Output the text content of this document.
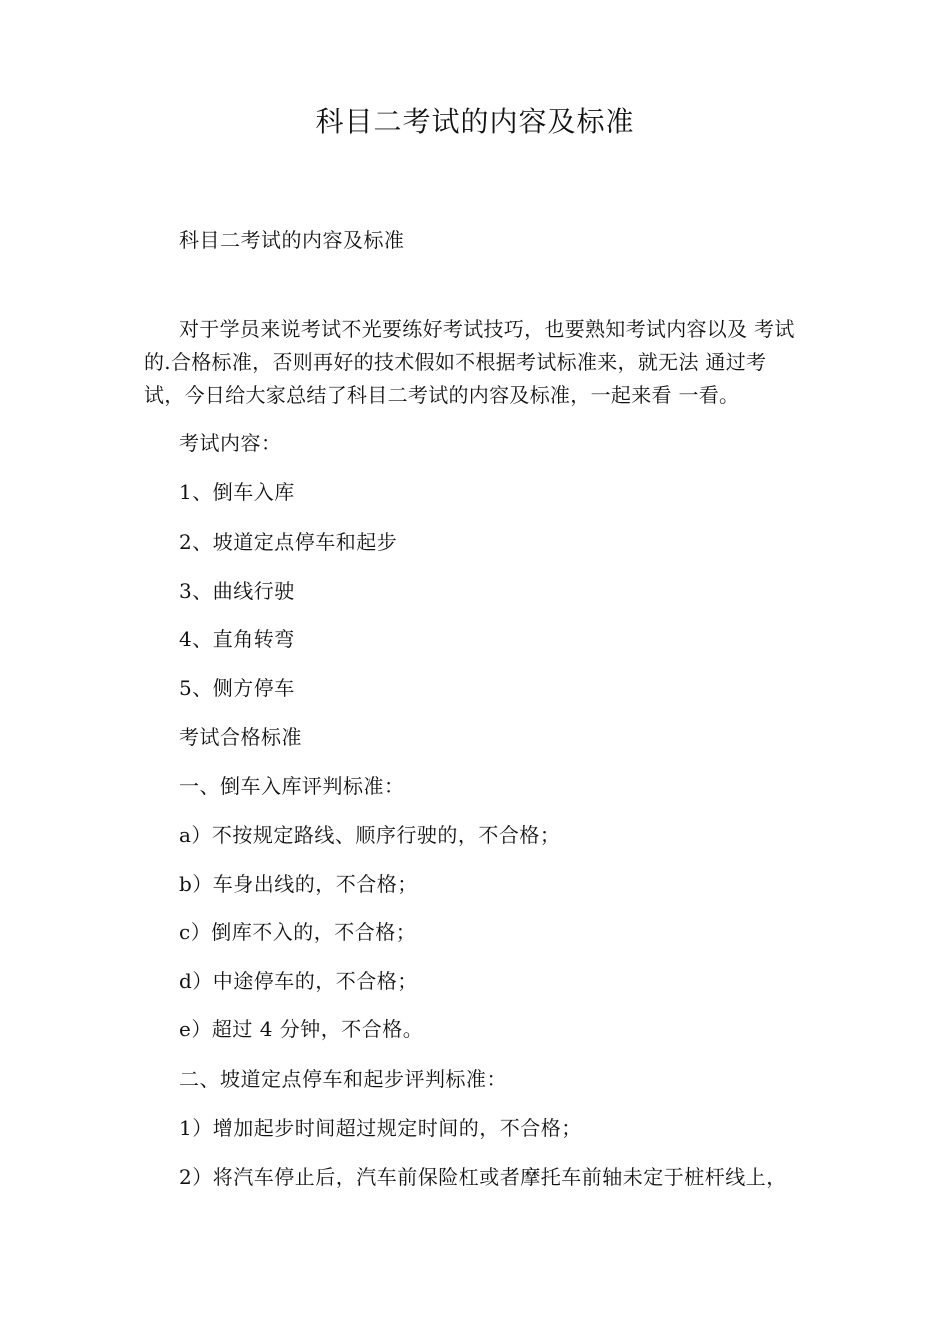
科目二考试的内容及标准
科目二考试的内容及标准
对于学员来说考试不光要练好考试技巧，也要熟知考试内容以及 考试
的.合格标准，否则再好的技术假如不根据考试标准来，就无法 通过考
试，今日给大家总结了科目二考试的内容及标准，一起来看 一看。
考试内容：
1、倒车入库
2、坡道定点停车和起步
3、曲线行驶
4、直角转弯
5、侧方停车
考试合格标准
一、倒车入库评判标准：
a）不按规定路线、顺序行驶的，不合格；
b）车身出线的，不合格；
c）倒库不入的，不合格；
d）中途停车的，不合格；
e）超过 4 分钟，不合格。
二、坡道定点停车和起步评判标准：
1）增加起步时间超过规定时间的，不合格；
2）将汽车停止后，汽车前保险杠或者摩托车前轴未定于桩杆线上，
